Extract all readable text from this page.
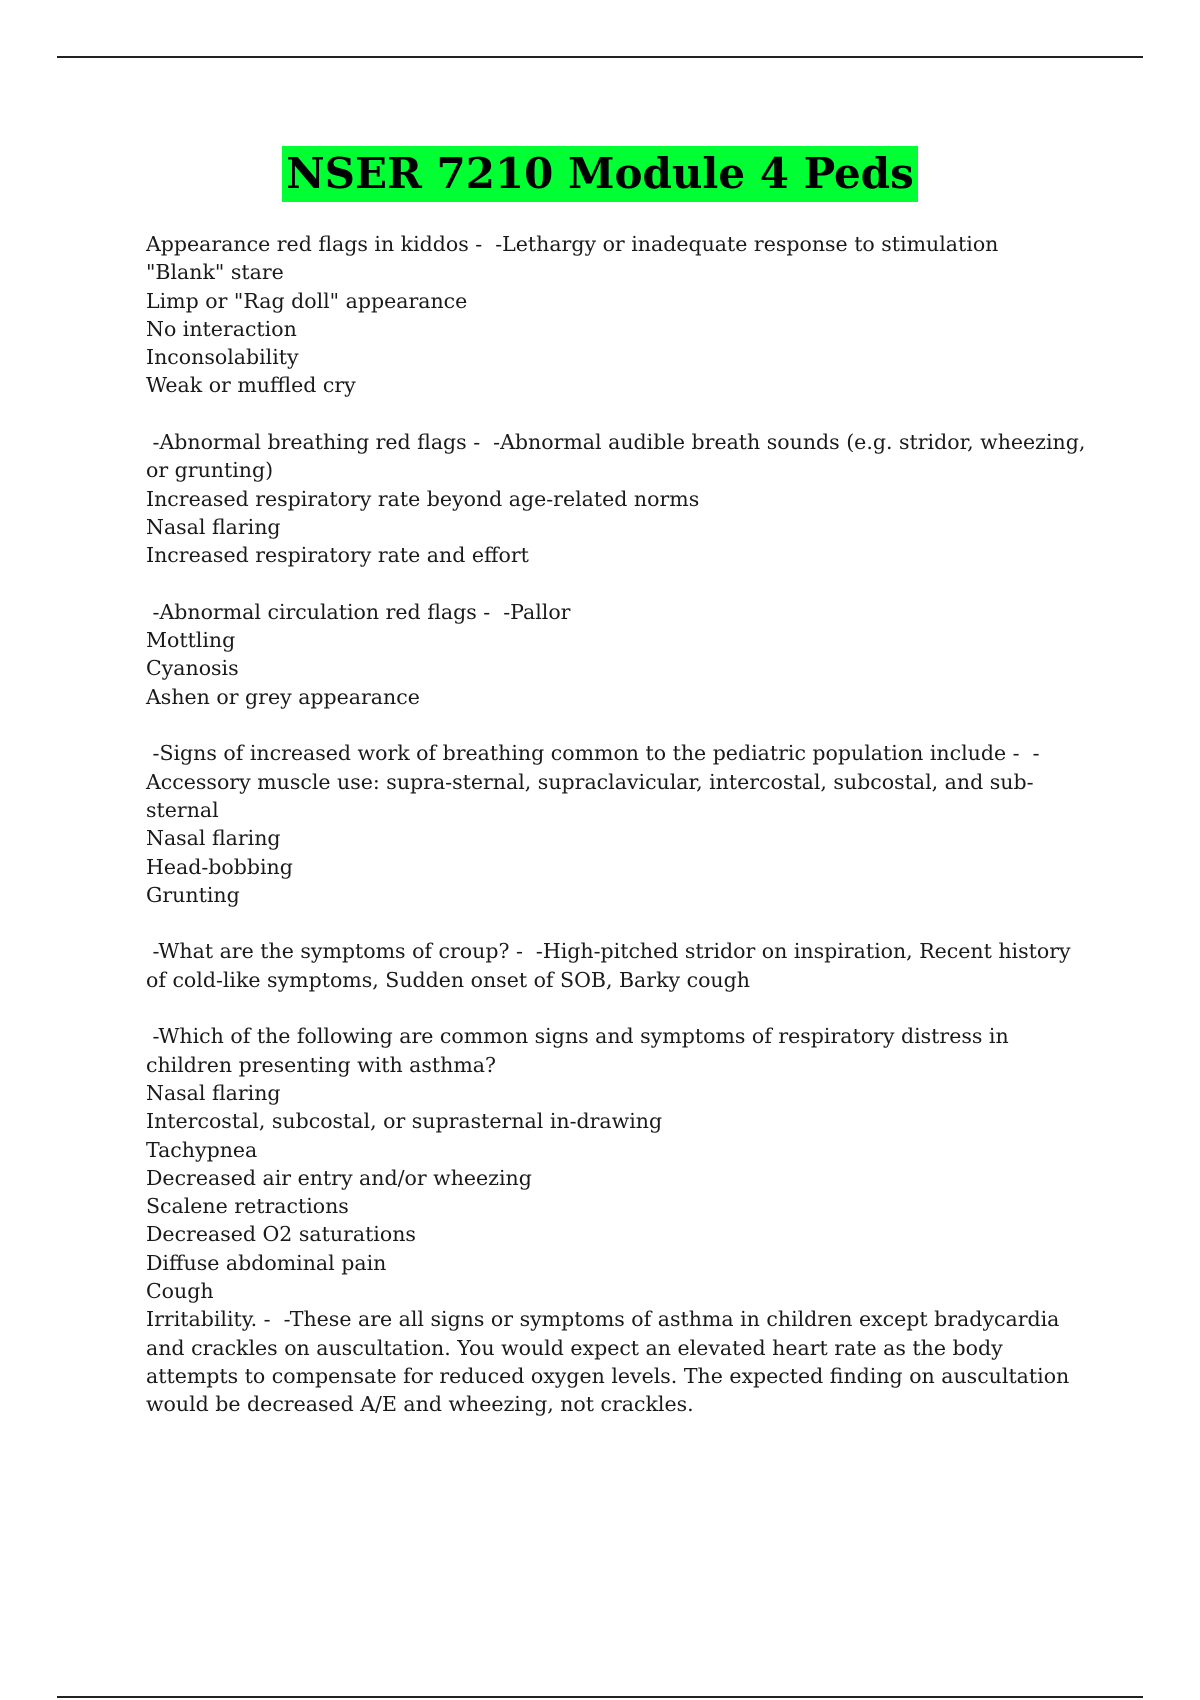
NSER 7210 Module 4 Peds

Appearance red flags in kiddos -  -Lethargy or inadequate response to stimulation

"Blank" stare

Limp or "Rag doll" appearance

No interaction

Inconsolability

Weak or muffled cry

-Abnormal breathing red flags -  -Abnormal audible breath sounds (e.g. stridor, wheezing, or grunting)

Increased respiratory rate beyond age-related norms

Nasal flaring

Increased respiratory rate and effort

-Abnormal circulation red flags -  -Pallor

Mottling

Cyanosis

Ashen or grey appearance

-Signs of increased work of breathing common to the pediatric population include -  -Accessory muscle use: supra-sternal, supraclavicular, intercostal, subcostal, and sub-sternal

Nasal flaring

Head-bobbing

Grunting

-What are the symptoms of croup? -  -High-pitched stridor on inspiration, Recent history of cold-like symptoms, Sudden onset of SOB, Barky cough

-Which of the following are common signs and symptoms of respiratory distress in children presenting with asthma?

Nasal flaring

Intercostal, subcostal, or suprasternal in-drawing

Tachypnea

Decreased air entry and/or wheezing

Scalene retractions

Decreased O2 saturations

Diffuse abdominal pain

Cough

Irritability. -  -These are all signs or symptoms of asthma in children except bradycardia and crackles on auscultation. You would expect an elevated heart rate as the body attempts to compensate for reduced oxygen levels. The expected finding on auscultation would be decreased A/E and wheezing, not crackles.
